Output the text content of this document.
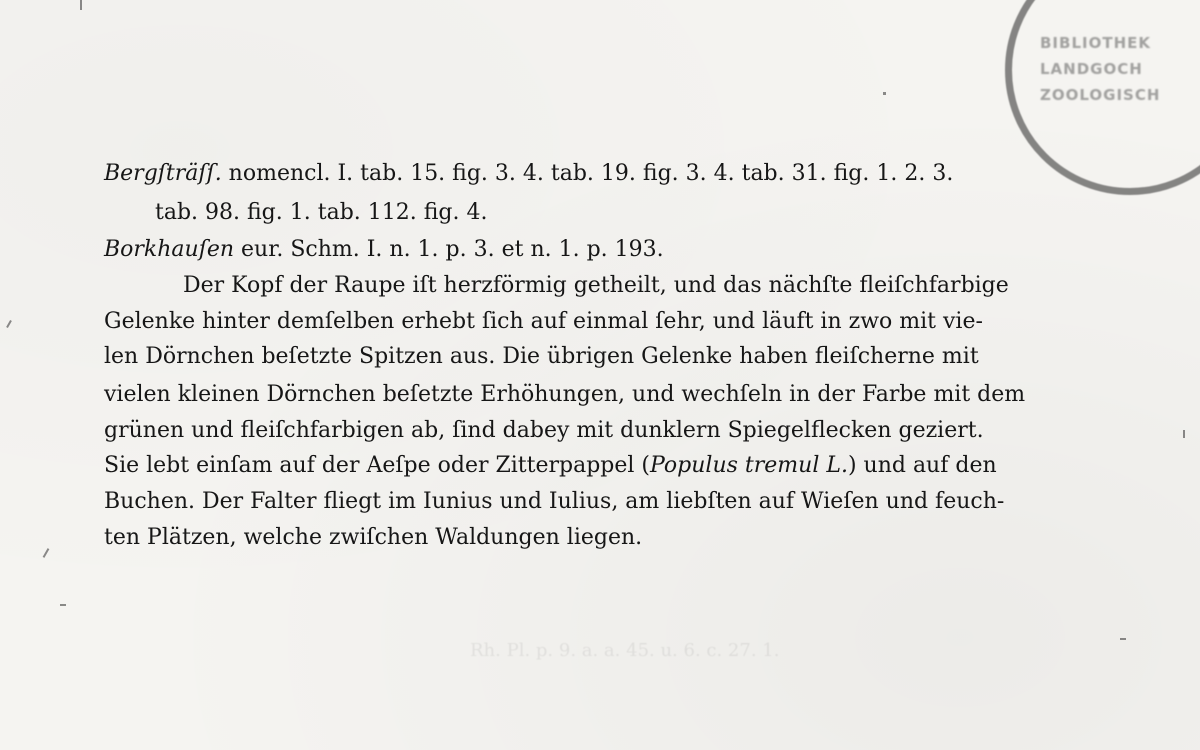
BIBLIOTHEK
LANDGOCH
ZOOLOGISCH
Rh. Pl. p. 9. a. a. 45. u. 6. c. 27. 1.
Bergſträſſ. nomencl. I. tab. 15. fig. 3. 4. tab. 19. fig. 3. 4. tab. 31. fig. 1. 2. 3.
tab. 98. fig. 1. tab. 112. fig. 4.
Borkhauſen eur. Schm. I. n. 1. p. 3. et n. 1. p. 193.
Der Kopf der Raupe iſt herzförmig getheilt, und das nächſte fleiſchfarbige
Gelenke hinter demſelben erhebt ſich auf einmal ſehr, und läuft in zwo mit vie-
len Dörnchen beſetzte Spitzen aus. Die übrigen Gelenke haben fleiſcherne mit
vielen kleinen Dörnchen beſetzte Erhöhungen, und wechſeln in der Farbe mit dem
grünen und fleiſchfarbigen ab, ſind dabey mit dunklern Spiegelflecken geziert.
Sie lebt einſam auf der Aeſpe oder Zitterpappel (Populus tremul L.) und auf den
Buchen. Der Falter fliegt im Iunius und Iulius, am liebſten auf Wieſen und feuch-
ten Plätzen, welche zwiſchen Waldungen liegen.
